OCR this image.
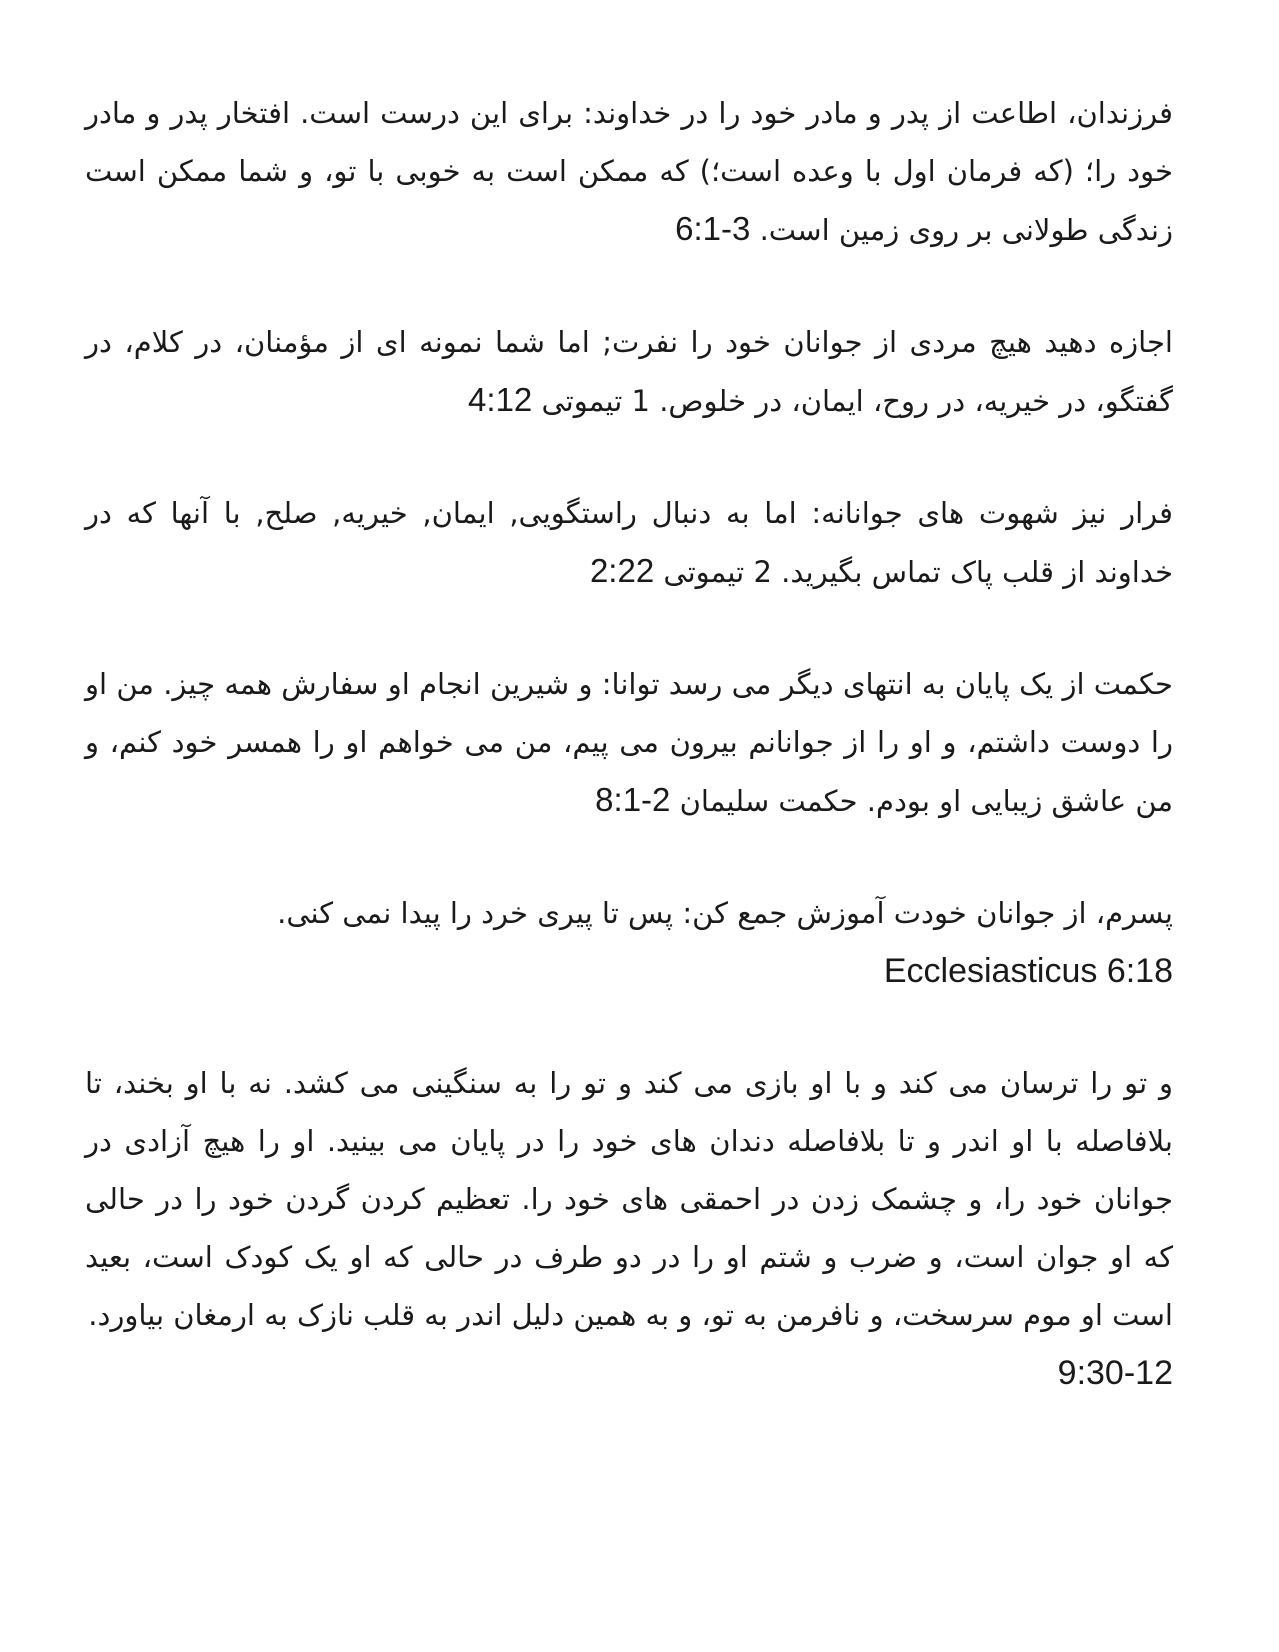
فرزندان، اطاعت از پدر و مادر خود را در خداوند: برای این درست است. افتخار پدر و مادر خود را؛ (که فرمان اول با وعده است؛) که ممکن است به خوبی با تو، و شما ممکن است زندگی طولانی بر روی زمین است. 6:1-3

اجازه دهید هیچ مردی از جوانان خود را نفرت; اما شما نمونه ای از مؤمنان، در کلام، در گفتگو، در خیریه، در روح، ایمان، در خلوص. 1 تیموتی 4:12

فرار نیز شهوت های جوانانه: اما به دنبال راستگویی, ایمان, خیریه, صلح, با آنها که در خداوند از قلب پاک تماس بگیرید. 2 تیموتی 2:22

حکمت از یک پایان به انتهای دیگر می رسد توانا: و شیرین انجام او سفارش همه چیز. من او را دوست داشتم، و او را از جوانانم بیرون می پیم، من می خواهم او را همسر خود کنم، و من عاشق زیبایی او بودم. حکمت سلیمان 8:1-2

پسرم، از جوانان خودت آموزش جمع کن: پس تا پیری خرد را پیدا نمی کنی.
Ecclesiasticus 6:18

و تو را ترسان می کند و با او بازی می کند و تو را به سنگینی می کشد. نه با او بخند، تا بلافاصله با او اندر و تا بلافاصله دندان های خود را در پایان می بینید. او را هیچ آزادی در جوانان خود را، و چشمک زدن در احمقی های خود را. تعظیم کردن گردن خود را در حالی که او جوان است، و ضرب و شتم او را در دو طرف در حالی که او یک کودک است، بعید است او موم سرسخت، و نافرمن به تو، و به همین دلیل اندر به قلب نازک به ارمغان بیاورد.
9:30-12
